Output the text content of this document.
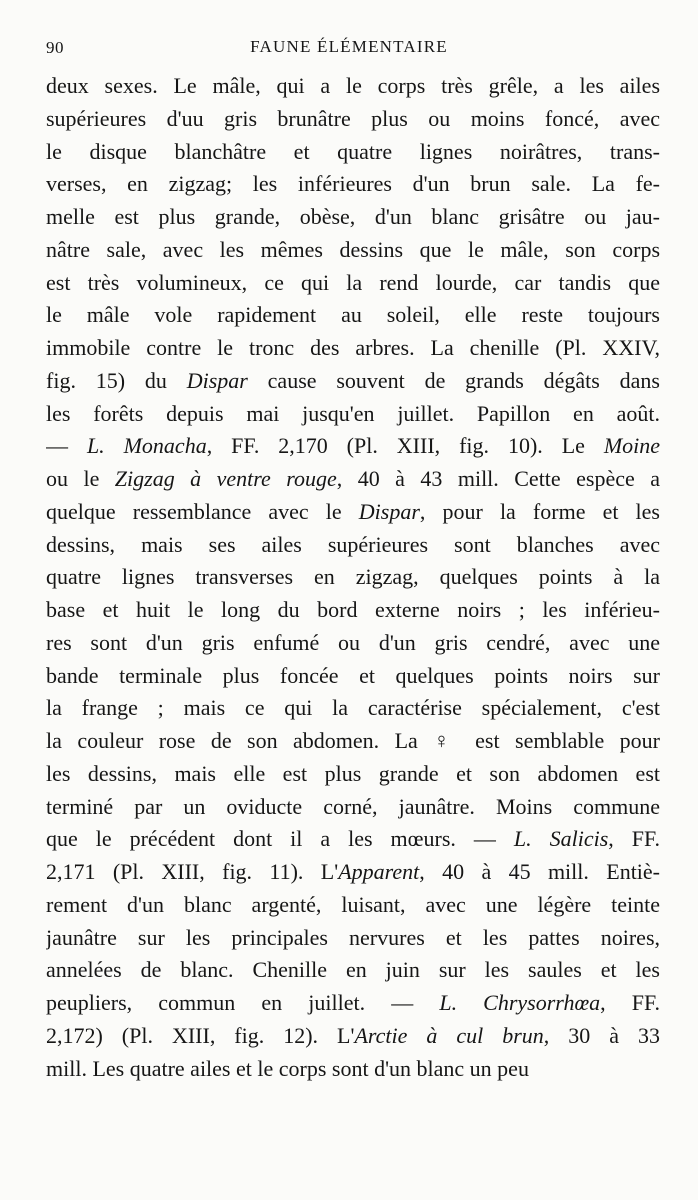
90	FAUNE ÉLÉMENTAIRE
deux sexes. Le mâle, qui a le corps très grêle, a les ailes
supérieures d'uu gris brunâtre plus ou moins foncé, avec
le disque blanchâtre et quatre lignes noirâtres, trans-
verses, en zigzag; les inférieures d'un brun sale. La fe-
melle est plus grande, obèse, d'un blanc grisâtre ou jau-
nâtre sale, avec les mêmes dessins que le mâle, son corps
est très volumineux, ce qui la rend lourde, car tandis que
le mâle vole rapidement au soleil, elle reste toujours
immobile contre le tronc des arbres. La chenille (Pl. XXIV,
fig. 15) du Dispar cause souvent de grands dégâts dans
les forêts depuis mai jusqu'en juillet. Papillon en août.
— L. Monacha, FF. 2,170 (Pl. XIII, fig. 10). Le Moine
ou le Zigzag à ventre rouge, 40 à 43 mill. Cette espèce a
quelque ressemblance avec le Dispar, pour la forme et les
dessins, mais ses ailes supérieures sont blanches avec
quatre lignes transverses en zigzag, quelques points à la
base et huit le long du bord externe noirs ; les inférieu-
res sont d'un gris enfumé ou d'un gris cendré, avec une
bande terminale plus foncée et quelques points noirs sur
la frange ; mais ce qui la caractérise spécialement, c'est
la couleur rose de son abdomen. La ♀ est semblable pour
les dessins, mais elle est plus grande et son abdomen est
terminé par un oviducte corné, jaunâtre. Moins commune
que le précédent dont il a les mœurs. — L. Salicis, FF.
2,171 (Pl. XIII, fig. 11). L'Apparent, 40 à 45 mill. Entiè-
rement d'un blanc argenté, luisant, avec une légère teinte
jaunâtre sur les principales nervures et les pattes noires,
annelées de blanc. Chenille en juin sur les saules et les
peupliers, commun en juillet. — L. Chrysorrhœa, FF.
2,172) (Pl. XIII, fig. 12). L'Arctie à cul brun, 30 à 33
mill. Les quatre ailes et le corps sont d'un blanc un peu
